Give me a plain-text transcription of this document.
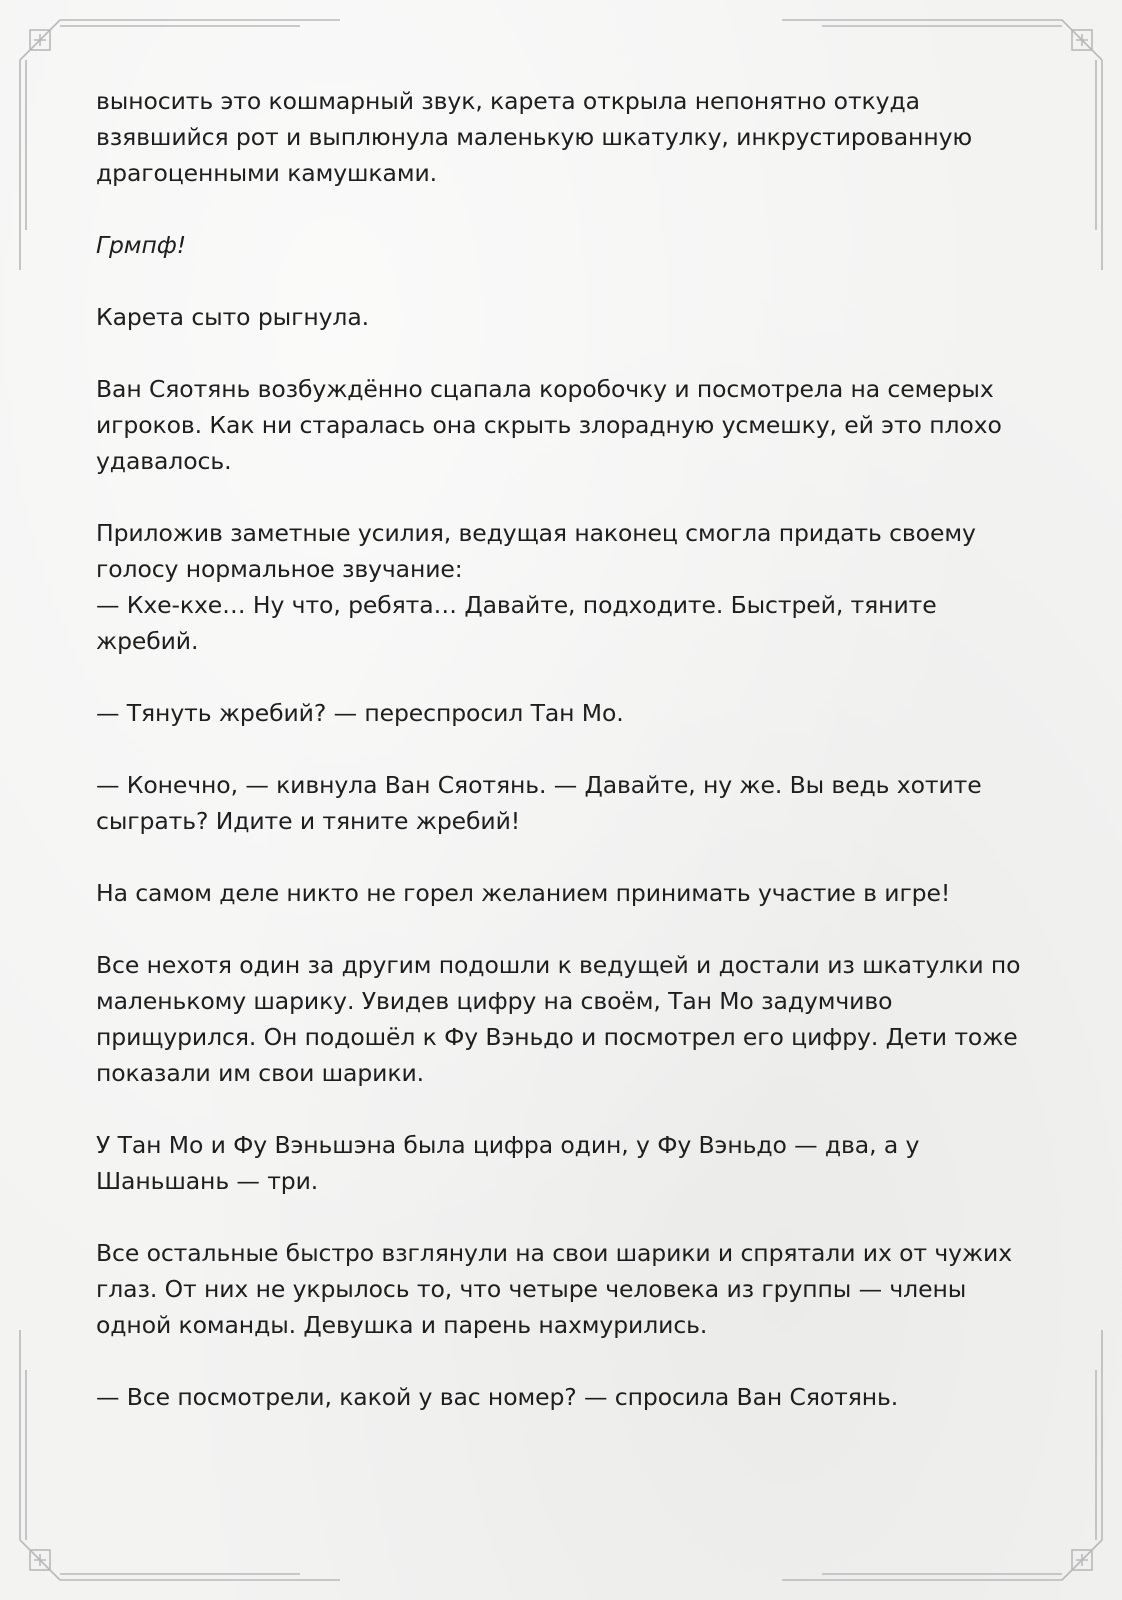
выносить это кошмарный звук, карета открыла непонятно откуда
взявшийся рот и выплюнула маленькую шкатулку, инкрустированную
драгоценными камушками.

Грмпф!

Карета сыто рыгнула.

Ван Сяотянь возбуждённо сцапала коробочку и посмотрела на семерых
игроков. Как ни старалась она скрыть злорадную усмешку, ей это плохо
удавалось.

Приложив заметные усилия, ведущая наконец смогла придать своему
голосу нормальное звучание:
— Кхе-кхе… Ну что, ребята… Давайте, подходите. Быстрей, тяните
жребий.

— Тянуть жребий? — переспросил Тан Мо.

— Конечно, — кивнула Ван Сяотянь. — Давайте, ну же. Вы ведь хотите
сыграть? Идите и тяните жребий!

На самом деле никто не горел желанием принимать участие в игре!

Все нехотя один за другим подошли к ведущей и достали из шкатулки по
маленькому шарику. Увидев цифру на своём, Тан Мо задумчиво
прищурился. Он подошёл к Фу Вэньдо и посмотрел его цифру. Дети тоже
показали им свои шарики.

У Тан Мо и Фу Вэньшэна была цифра один, у Фу Вэньдо — два, а у
Шаньшань — три.

Все остальные быстро взглянули на свои шарики и спрятали их от чужих
глаз. От них не укрылось то, что четыре человека из группы — члены
одной команды. Девушка и парень нахмурились.

— Все посмотрели, какой у вас номер? — спросила Ван Сяотянь.
